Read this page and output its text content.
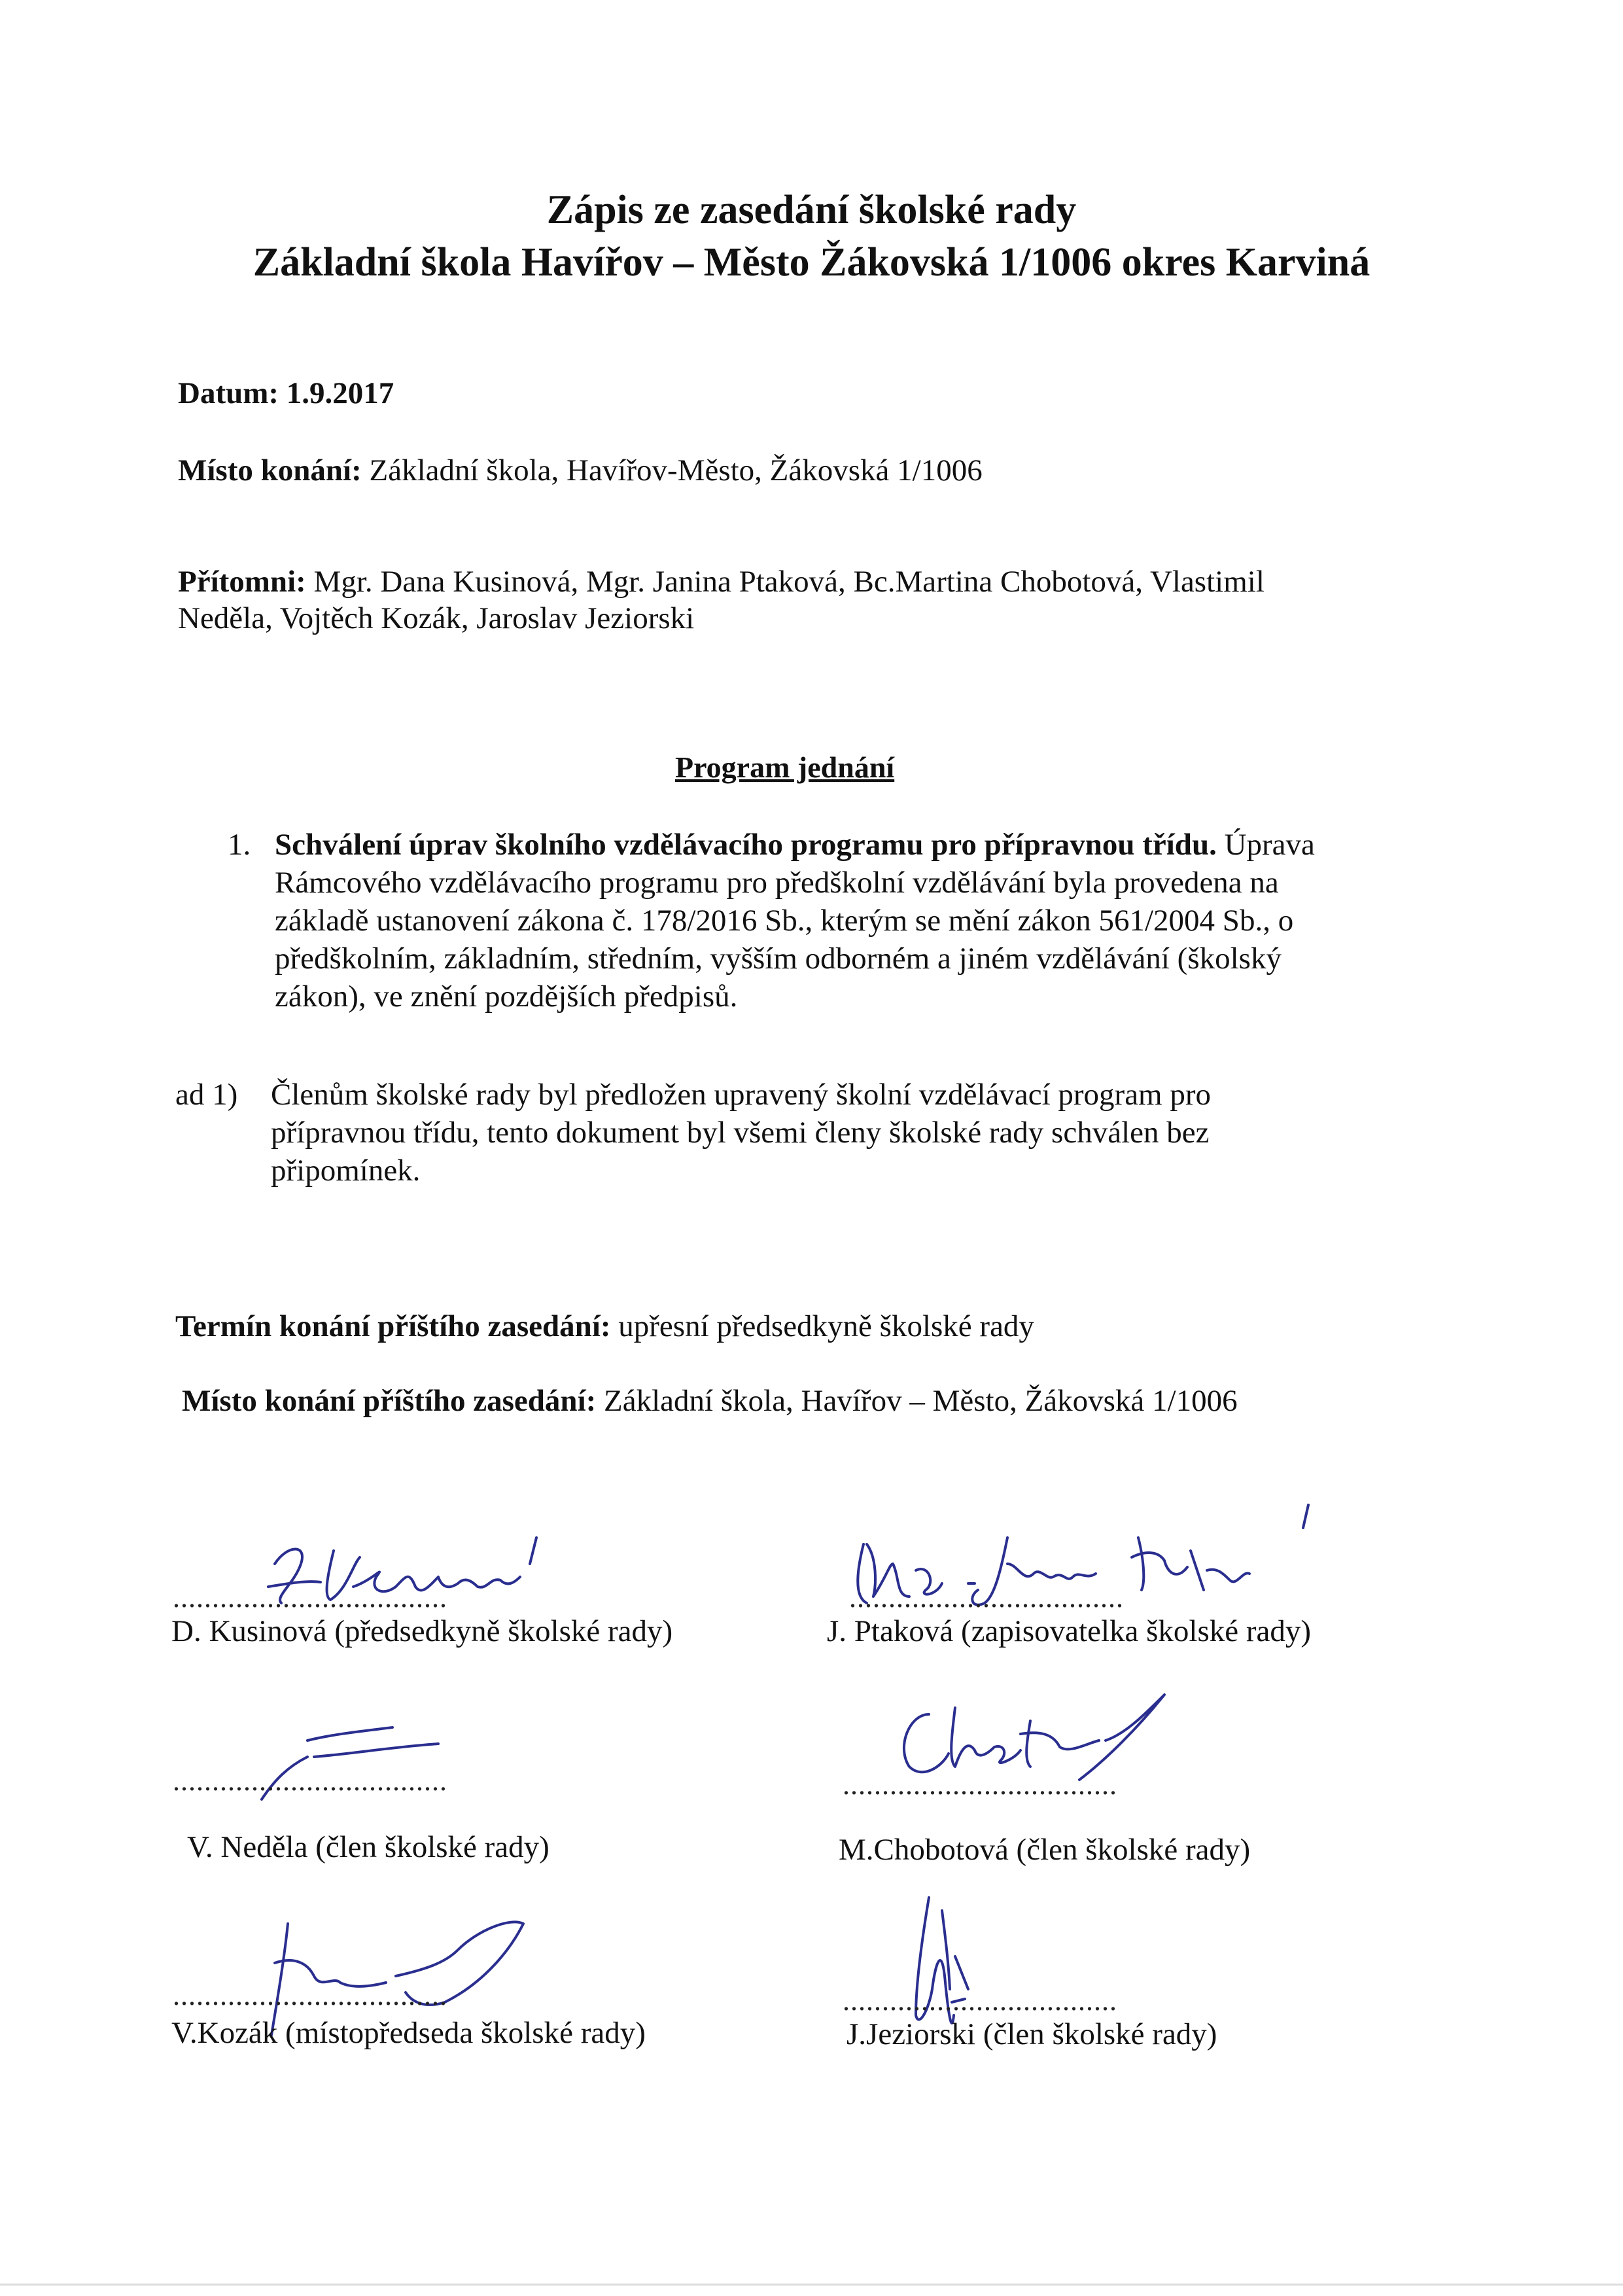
Zápis ze zasedání školské rady
Základní škola Havířov – Město Žákovská 1/1006 okres Karviná
Datum: 1.9.2017
Místo konání: Základní škola, Havířov-Město, Žákovská 1/1006
Přítomni: Mgr. Dana Kusinová, Mgr. Janina Ptaková, Bc.Martina Chobotová, Vlastimil
Neděla, Vojtěch Kozák, Jaroslav Jeziorski
Program jednání
1. Schválení úprav školního vzdělávacího programu pro přípravnou třídu. Úprava
Rámcového vzdělávacího programu pro předškolní vzdělávání byla provedena na
základě ustanovení zákona č. 178/2016 Sb., kterým se mění zákon 561/2004 Sb., o
předškolním, základním, středním, vyšším odborném a jiném vzdělávání (školský
zákon), ve znění pozdějších předpisů.
ad 1) Členům školské rady byl předložen upravený školní vzdělávací program pro
přípravnou třídu, tento dokument byl všemi členy školské rady schválen bez
připomínek.
Termín konání příštího zasedání: upřesní předsedkyně školské rady
Místo konání příštího zasedání: Základní škola, Havířov – Město, Žákovská 1/1006
...................................
D. Kusinová (předsedkyně školské rady)
...................................
J. Ptaková (zapisovatelka školské rady)
...................................
V. Neděla (člen školské rady)
...................................
M.Chobotová (člen školské rady)
...................................
V.Kozák (místopředseda školské rady)
...................................
J.Jeziorski (člen školské rady)
